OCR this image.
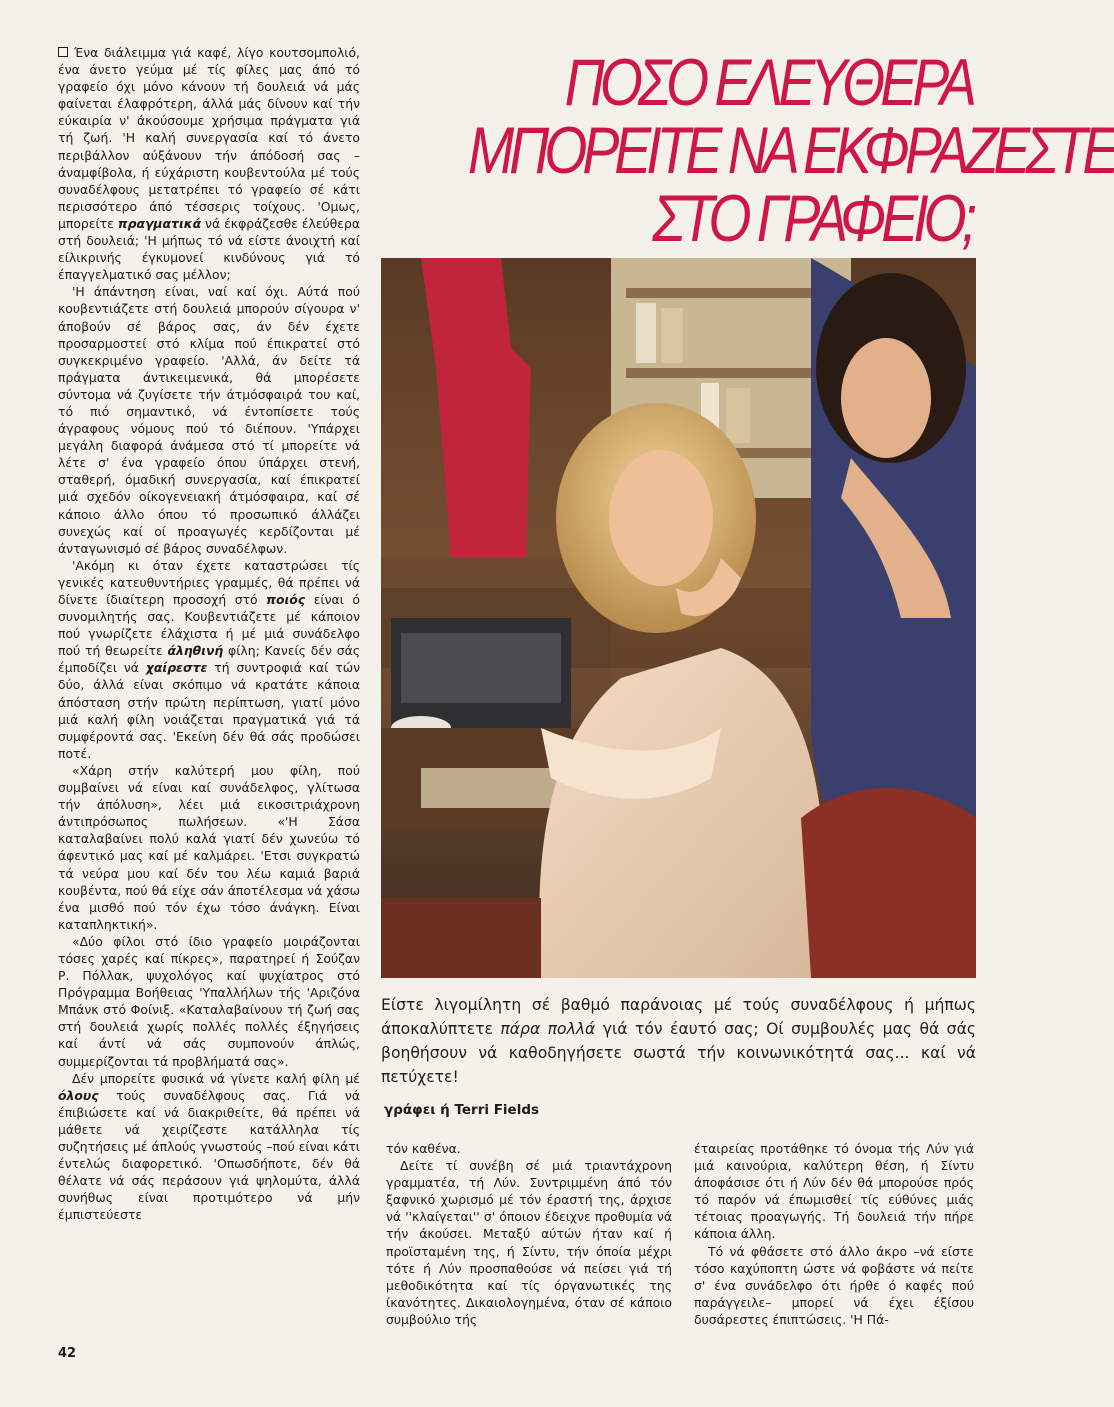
Ένα διάλειμμα γιά καφέ, λίγο κουτσομπολιό, ένα άνετο γεύμα μέ τίς φίλες μας άπό τό γραφείο όχι μόνο κάνουν τή δουλειά νά μάς φαίνεται έλαφρότερη, άλλά μάς δίνουν καί τήν εύκαιρία ν' άκούσουμε χρήσιμα πράγματα γιά τή ζωή. 'Η καλή συνεργασία καί τό άνετο περιβάλλον αύξάνουν τήν άπόδοσή σας –άναμφίβολα, ή εύχάριστη κουβεντούλα μέ τούς συναδέλφους μετατρέπει τό γραφείο σέ κάτι περισσότερο άπό τέσσερις τοίχους. 'Ομως, μπορείτε πραγματικά νά έκφράζεσθε έλεύθερα στή δουλειά; 'Η μήπως τό νά είστε άνοιχτή καί είλικρινής έγκυμονεί κινδύνους γιά τό έπαγγελματικό σας μέλλον;

'Η άπάντηση είναι, ναί καί όχι. Αύτά πού κουβεντιάζετε στή δουλειά μπορούν σίγουρα ν' άποβούν σέ βάρος σας, άν δέν έχετε προσαρμοστεί στό κλίμα πού έπικρατεί στό συγκεκριμένο γραφείο. 'Αλλά, άν δείτε τά πράγματα άντικειμενικά, θά μπορέσετε σύντομα νά ζυγίσετε τήν άτμόσφαιρά του καί, τό πιό σημαντικό, νά έντοπίσετε τούς άγραφους νόμους πού τό διέπουν. 'Υπάρχει μεγάλη διαφορά άνάμεσα στό τί μπορείτε νά λέτε σ' ένα γραφείο όπου ύπάρχει στενή, σταθερή, όμαδική συνεργασία, καί έπικρατεί μιά σχεδόν οίκογενειακή άτμόσφαιρα, καί σέ κάποιο άλλο όπου τό προσωπικό άλλάζει συνεχώς καί οί προαγωγές κερδίζονται μέ άνταγωνισμό σέ βάρος συναδέλφων.

'Ακόμη κι όταν έχετε καταστρώσει τίς γενικές κατευθυντήριες γραμμές, θά πρέπει νά δίνετε ίδιαίτερη προσοχή στό ποιός είναι ό συνομιλητής σας. Κουβεντιάζετε μέ κάποιον πού γνωρίζετε έλάχιστα ή μέ μιά συνάδελφο πού τή θεωρείτε άληθινή φίλη; Κανείς δέν σάς έμποδίζει νά χαίρεστε τή συντροφιά καί τών δύο, άλλά είναι σκόπιμο νά κρατάτε κάποια άπόσταση στήν πρώτη περίπτωση, γιατί μόνο μιά καλή φίλη νοιάζεται πραγματικά γιά τά συμφέροντά σας. 'Εκείνη δέν θά σάς προδώσει ποτέ.

«Χάρη στήν καλύτερή μου φίλη, πού συμβαίνει νά είναι καί συνάδελφος, γλίτωσα τήν άπόλυση», λέει μιά εικοσιτριάχρονη άντιπρόσωπος πωλήσεων. «'Η Σάσα καταλαβαίνει πολύ καλά γιατί δέν χωνεύω τό άφεντικό μας καί μέ καλμάρει. 'Ετσι συγκρατώ τά νεύρα μου καί δέν του λέω καμιά βαριά κουβέντα, πού θά είχε σάν άποτέλεσμα νά χάσω ένα μισθό πού τόν έχω τόσο άνάγκη. Είναι καταπληκτική».

«Δύο φίλοι στό ίδιο γραφείο μοιράζονται τόσες χαρές καί πίκρες», παρατηρεί ή Σούζαν Ρ. Πόλλακ, ψυχολόγος καί ψυχίατρος στό Πρόγραμμα Βοήθειας 'Υπαλλήλων τής 'Αριζόνα Μπάνκ στό Φοίνιξ. «Καταλαβαίνουν τή ζωή σας στή δουλειά χωρίς πολλές πολλές έξηγήσεις καί άντί νά σάς συμπονούν άπλώς, συμμερίζονται τά προβλήματά σας».

Δέν μπορείτε φυσικά νά γίνετε καλή φίλη μέ όλους τούς συναδέλφους σας. Γιά νά έπιβιώσετε καί νά διακριθείτε, θά πρέπει νά μάθετε νά χειρίζεστε κατάλληλα τίς συζητήσεις μέ άπλούς γνωστούς –πού είναι κάτι έντελώς διαφορετικό. 'Οπωσδήποτε, δέν θά θέλατε νά σάς περάσουν γιά ψηλομύτα, άλλά συνήθως είναι προτιμότερο νά μήν έμπιστεύεστε

ΠΟΣΟ ΕΛΕΥΘΕΡΑ
ΜΠΟΡΕΙΤΕ ΝΑ ΕΚΦΡΑΖΕΣΤΕ
ΣΤΟ ΓΡΑΦΕΙΟ;
Είστε λιγομίλητη σέ βαθμό παράνοιας μέ τούς συναδέλφους ή μήπως άποκαλύπτετε πάρα πολλά γιά τόν έαυτό σας; Οί συμβουλές μας θά σάς βοηθήσουν νά καθοδηγήσετε σωστά τήν κοινωνικότητά σας... καί νά πετύχετε!
γράφει ή Terri Fields

τόν καθένα.

Δείτε τί συνέβη σέ μιά τριαντάχρονη γραμματέα, τή Λύν. Συντριμμένη άπό τόν ξαφνικό χωρισμό μέ τόν έραστή της, άρχισε νά ''κλαίγεται'' σ' όποιον έδειχνε προθυμία νά τήν άκούσει. Μεταξύ αύτών ήταν καί ή προϊσταμένη της, ή Σίντυ, τήν όποία μέχρι τότε ή Λύν προσπαθούσε νά πείσει γιά τή μεθοδικότητα καί τίς όργανωτικές της ίκανότητες. Δικαιολογημένα, όταν σέ κάποιο συμβούλιο τής

έταιρείας προτάθηκε τό όνομα τής Λύν γιά μιά καινούρια, καλύτερη θέση, ή Σίντυ άποφάσισε ότι ή Λύν δέν θά μπορούσε πρός τό παρόν νά έπωμισθεί τίς εύθύνες μιάς τέτοιας προαγωγής. Τή δουλειά τήν πήρε κάποια άλλη.

Τό νά φθάσετε στό άλλο άκρο –νά είστε τόσο καχύποπτη ώστε νά φοβάστε νά πείτε σ' ένα συνάδελφο ότι ήρθε ό καφές πού παράγγειλε– μπορεί νά έχει έξίσου δυσάρεστες έπιπτώσεις. 'Η Πά-

42
